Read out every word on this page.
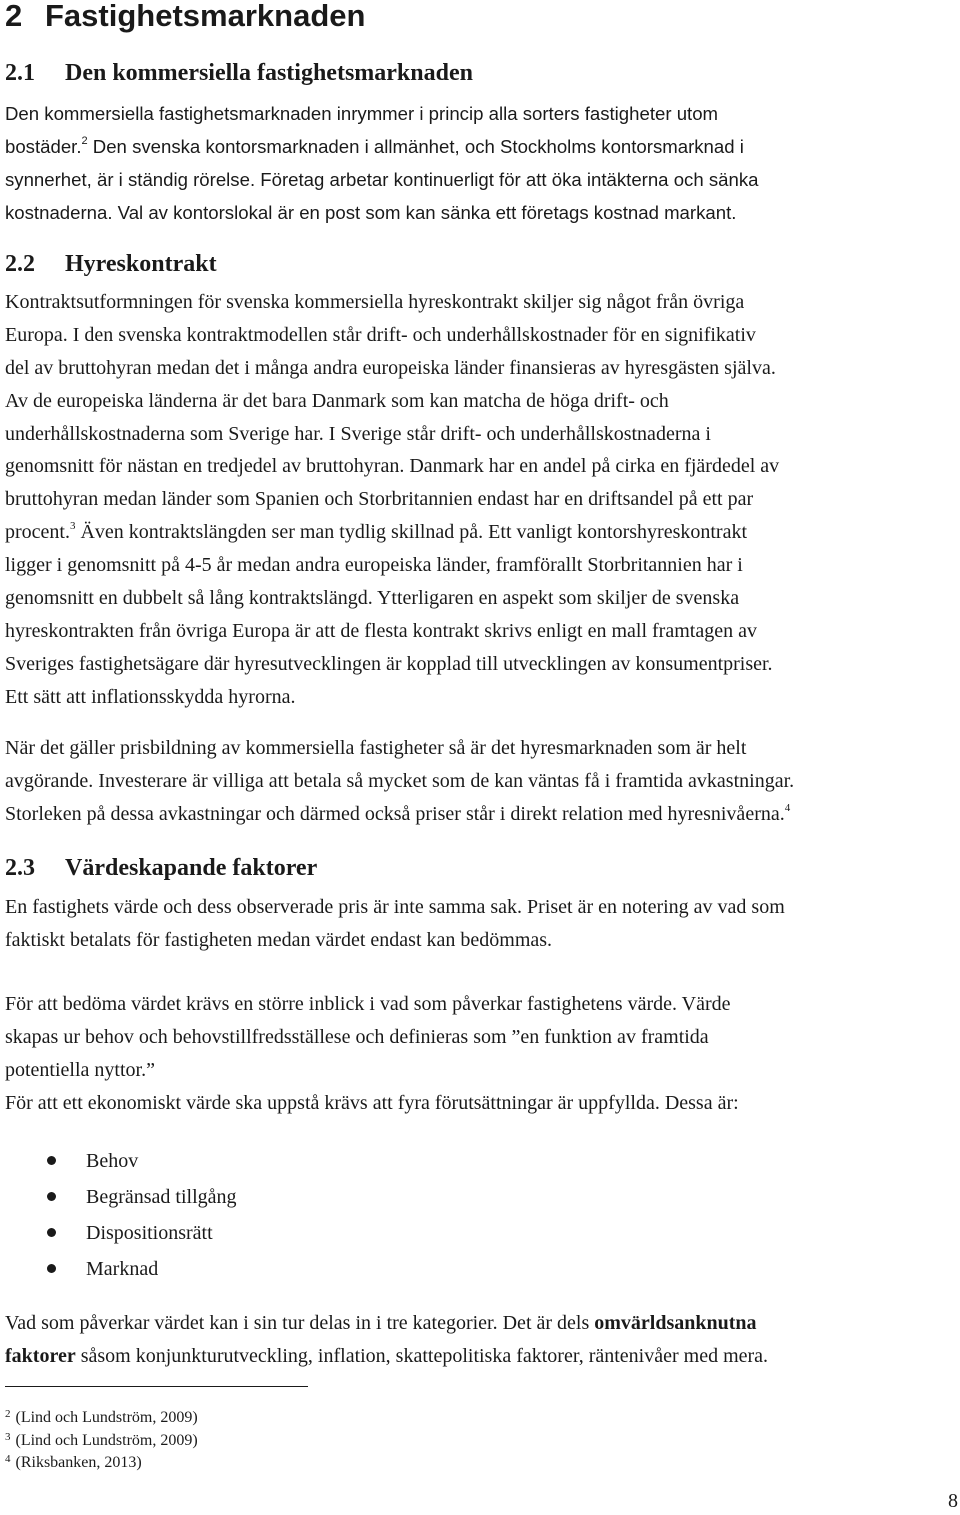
2 Fastighetsmarknaden
2.1 Den kommersiella fastighetsmarknaden
Den kommersiella fastighetsmarknaden inrymmer i princip alla sorters fastigheter utom
bostäder.$^2$ Den svenska kontorsmarknaden i allmänhet, och Stockholms kontorsmarknad i
synnerhet, är i ständig rörelse. Företag arbetar kontinuerligt för att öka intäkterna och sänka
kostnaderna. Val av kontorslokal är en post som kan sänka ett företags kostnad markant.
2.2 Hyreskontrakt
Kontraktsutformningen för svenska kommersiella hyreskontrakt skiljer sig något från övriga
Europa. I den svenska kontraktmodellen står drift- och underhållskostnader för en signifikativ
del av bruttohyran medan det i många andra europeiska länder finansieras av hyresgästen själva.
Av de europeiska länderna är det bara Danmark som kan matcha de höga drift- och
underhållskostnaderna som Sverige har. I Sverige står drift- och underhållskostnaderna i
genomsnitt för nästan en tredjedel av bruttohyran. Danmark har en andel på cirka en fjärdedel av
bruttohyran medan länder som Spanien och Storbritannien endast har en driftsandel på ett par
procent.$^3$ Även kontraktslängden ser man tydlig skillnad på. Ett vanligt kontorshyreskontrakt
ligger i genomsnitt på 4-5 år medan andra europeiska länder, framförallt Storbritannien har i
genomsnitt en dubbelt så lång kontraktslängd. Ytterligaren en aspekt som skiljer de svenska
hyreskontrakten från övriga Europa är att de flesta kontrakt skrivs enligt en mall framtagen av
Sveriges fastighetsägare där hyresutvecklingen är kopplad till utvecklingen av konsumentpriser.
Ett sätt att inflationsskydda hyrorna.
När det gäller prisbildning av kommersiella fastigheter så är det hyresmarknaden som är helt
avgörande. Investerare är villiga att betala så mycket som de kan väntas få i framtida avkastningar.
Storleken på dessa avkastningar och därmed också priser står i direkt relation med hyresnivåerna.$^4$
2.3 Värdeskapande faktorer
En fastighets värde och dess observerade pris är inte samma sak. Priset är en notering av vad som
faktiskt betalats för fastigheten medan värdet endast kan bedömmas.
För att bedöma värdet krävs en större inblick i vad som påverkar fastighetens värde. Värde
skapas ur behov och behovstillfredsställese och definieras som ”en funktion av framtida
potentiella nyttor.”
För att ett ekonomiskt värde ska uppstå krävs att fyra förutsättningar är uppfyllda. Dessa är:
Behov
Begränsad tillgång
Dispositionsrätt
Marknad
Vad som påverkar värdet kan i sin tur delas in i tre kategorier. Det är dels omvärldsanknutna
faktorer såsom konjunkturutveckling, inflation, skattepolitiska faktorer, räntenivåer med mera.
$^2$ (Lind och Lundström, 2009)
$^3$ (Lind och Lundström, 2009)
$^4$ (Riksbanken, 2013)
8
